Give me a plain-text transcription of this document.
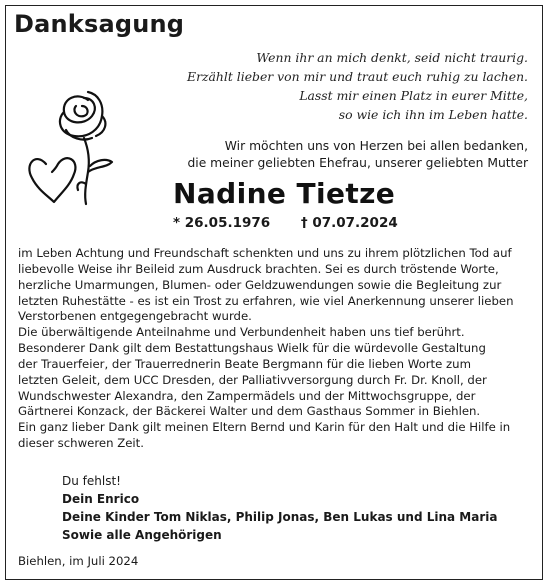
Danksagung
Wenn ihr an mich denkt, seid nicht traurig.
Erzählt lieber von mir und traut euch ruhig zu lachen.
Lasst mir einen Platz in eurer Mitte,
so wie ich ihn im Leben hatte.
Wir möchten uns von Herzen bei allen bedanken,
die meiner geliebten Ehefrau, unserer geliebten Mutter
Nadine Tietze
* 26.05.1976 † 07.07.2024
im Leben Achtung und Freundschaft schenkten und uns zu ihrem plötzlichen Tod auf
liebevolle Weise ihr Beileid zum Ausdruck brachten. Sei es durch tröstende Worte,
herzliche Umarmungen, Blumen- oder Geldzuwendungen sowie die Begleitung zur
letzten Ruhestätte - es ist ein Trost zu erfahren, wie viel Anerkennung unserer lieben
Verstorbenen entgegengebracht wurde.
Die überwältigende Anteilnahme und Verbundenheit haben uns tief berührt.
Besonderer Dank gilt dem Bestattungshaus Wielk für die würdevolle Gestaltung
der Trauerfeier, der Trauerrednerin Beate Bergmann für die lieben Worte zum
letzten Geleit, dem UCC Dresden, der Palliativversorgung durch Fr. Dr. Knoll, der
Wundschwester Alexandra, den Zampermädels und der Mittwochsgruppe, der
Gärtnerei Konzack, der Bäckerei Walter und dem Gasthaus Sommer in Biehlen.
Ein ganz lieber Dank gilt meinen Eltern Bernd und Karin für den Halt und die Hilfe in
dieser schweren Zeit.
Du fehlst!
Dein Enrico
Deine Kinder Tom Niklas, Philip Jonas, Ben Lukas und Lina Maria
Sowie alle Angehörigen
Biehlen, im Juli 2024
